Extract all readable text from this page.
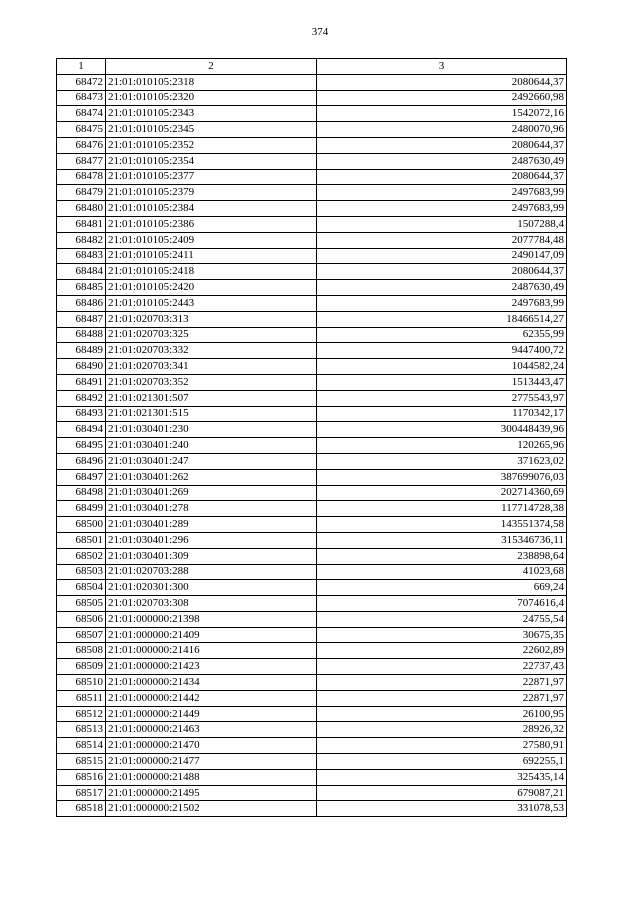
374
1	2	3
68472	21:01:010105:2318	2080644,37
68473	21:01:010105:2320	2492660,98
68474	21:01:010105:2343	1542072,16
68475	21:01:010105:2345	2480070,96
68476	21:01:010105:2352	2080644,37
68477	21:01:010105:2354	2487630,49
68478	21:01:010105:2377	2080644,37
68479	21:01:010105:2379	2497683,99
68480	21:01:010105:2384	2497683,99
68481	21:01:010105:2386	1507288,4
68482	21:01:010105:2409	2077784,48
68483	21:01:010105:2411	2490147,09
68484	21:01:010105:2418	2080644,37
68485	21:01:010105:2420	2487630,49
68486	21:01:010105:2443	2497683,99
68487	21:01:020703:313	18466514,27
68488	21:01:020703:325	62355,99
68489	21:01:020703:332	9447400,72
68490	21:01:020703:341	1044582,24
68491	21:01:020703:352	1513443,47
68492	21:01:021301:507	2775543,97
68493	21:01:021301:515	1170342,17
68494	21:01:030401:230	300448439,96
68495	21:01:030401:240	120265,96
68496	21:01:030401:247	371623,02
68497	21:01:030401:262	387699076,03
68498	21:01:030401:269	202714360,69
68499	21:01:030401:278	117714728,38
68500	21:01:030401:289	143551374,58
68501	21:01:030401:296	315346736,11
68502	21:01:030401:309	238898,64
68503	21:01:020703:288	41023,68
68504	21:01:020301:300	669,24
68505	21:01:020703:308	7074616,4
68506	21:01:000000:21398	24755,54
68507	21:01:000000:21409	30675,35
68508	21:01:000000:21416	22602,89
68509	21:01:000000:21423	22737,43
68510	21:01:000000:21434	22871,97
68511	21:01:000000:21442	22871,97
68512	21:01:000000:21449	26100,95
68513	21:01:000000:21463	28926,32
68514	21:01:000000:21470	27580,91
68515	21:01:000000:21477	692255,1
68516	21:01:000000:21488	325435,14
68517	21:01:000000:21495	679087,21
68518	21:01:000000:21502	331078,53
